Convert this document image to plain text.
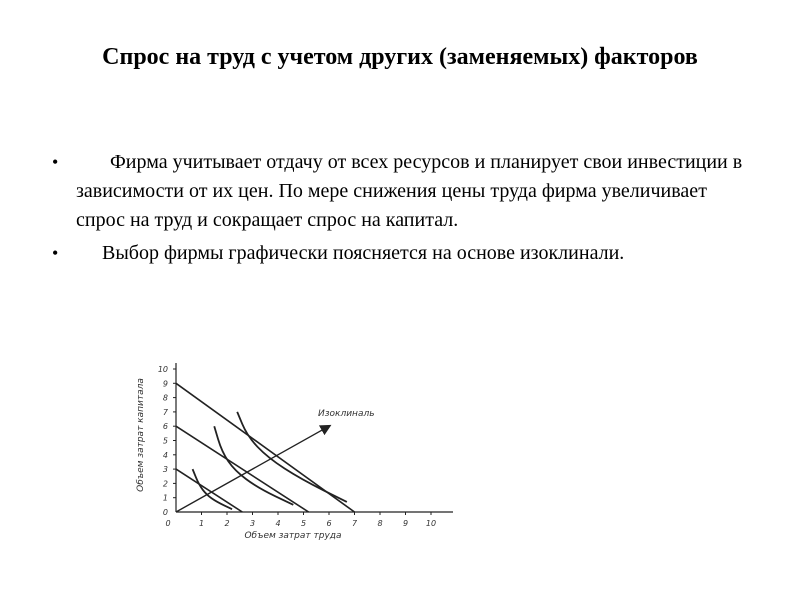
Спрос на труд с учетом других (заменяемых) факторов
•	Фирма учитывает отдачу от всех ресурсов и планирует свои инвестиции в зависимости от их цен. По мере снижения цены труда фирма увеличивает спрос на труд и сокращает спрос на капитал.
• Выбор фирмы графически поясняется на основе изоклинали.
0	1	2	3	4	5	6	7	8	9 10
0
1
2
3
4
5
6
7
8
9
10
Объем затрат труда
Объем затрат капитала	Изоклиналь
